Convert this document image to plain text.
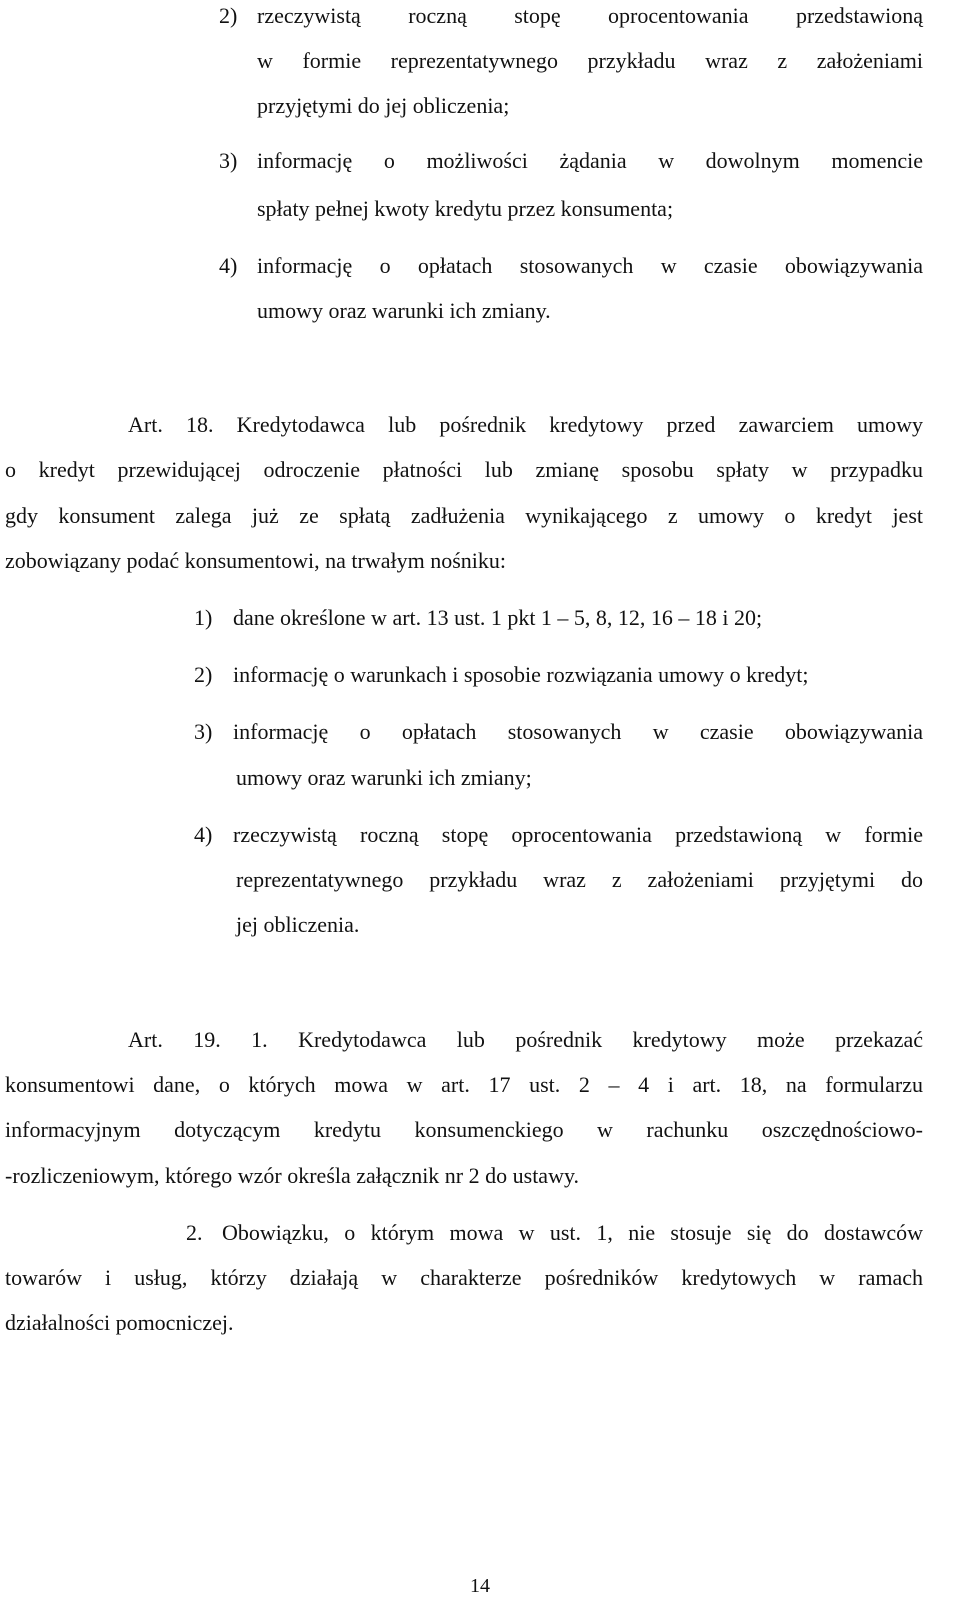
2) rzeczywistą roczną stopę oprocentowania przedstawioną
w formie reprezentatywnego przykładu wraz z założeniami
przyjętymi do jej obliczenia;
3) informację o możliwości żądania w dowolnym momencie
spłaty pełnej kwoty kredytu przez konsumenta;
4) informację o opłatach stosowanych w czasie obowiązywania
umowy oraz warunki ich zmiany.
Art. 18. Kredytodawca lub pośrednik kredytowy przed zawarciem umowy
o kredyt przewidującej odroczenie płatności lub zmianę sposobu spłaty w przypadku
gdy konsument zalega już ze spłatą zadłużenia wynikającego z umowy o kredyt jest
zobowiązany podać konsumentowi, na trwałym nośniku:
1) dane określone w art. 13 ust. 1 pkt 1 – 5, 8, 12, 16 – 18 i 20;
2) informację o warunkach i sposobie rozwiązania umowy o kredyt;
3) informację o opłatach stosowanych w czasie obowiązywania
umowy oraz warunki ich zmiany;
4) rzeczywistą roczną stopę oprocentowania przedstawioną w formie
reprezentatywnego przykładu wraz z założeniami przyjętymi do
jej obliczenia.
Art. 19. 1. Kredytodawca lub pośrednik kredytowy może przekazać
konsumentowi dane, o których mowa w art. 17 ust. 2 – 4 i art. 18, na formularzu
informacyjnym dotyczącym kredytu konsumenckiego w rachunku oszczędnościowo-
-rozliczeniowym, którego wzór określa załącznik nr 2 do ustawy.
2. Obowiązku, o którym mowa w ust. 1, nie stosuje się do dostawców
towarów i usług, którzy działają w charakterze pośredników kredytowych w ramach
działalności pomocniczej.
14
